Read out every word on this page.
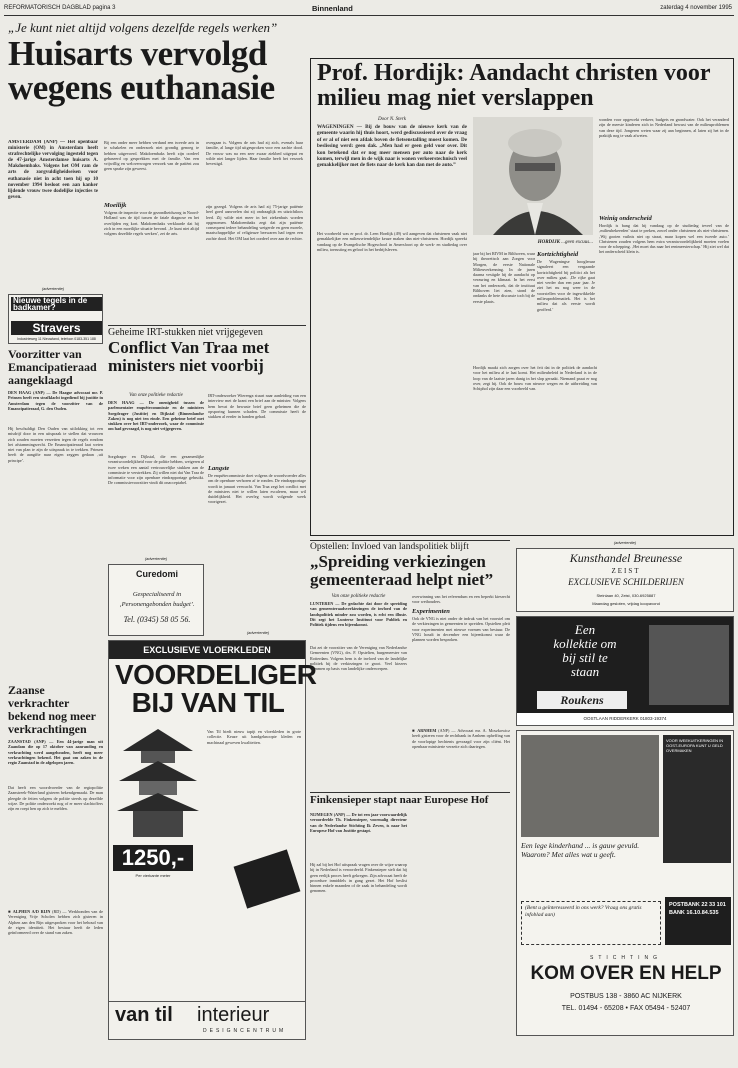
REFORMATORISCH DAGBLAD pagina 3	Binnenland	zaterdag 4 november 1995
„Je kunt niet altijd volgens dezelfde regels werken”
Huisarts vervolgd wegens euthanasie
AMSTERDAM (ANP) — Het openbaar ministerie (OM) in Amsterdam heeft strafrechtelijke vervolging ingesteld tegen de 47-jarige Amsterdamse huisarts A. Makdoembaks. Volgens het OM ram de arts de zorgvuldigheidseisen voor euthanasie niet in acht toen hij op 10 november 1994 besloot een aan kanker lijdende vrouw twee dodelijke injecties te geven.
Bij een onder meer hebben verdund een tweede arts in te schakelen en onderzoek niet grondig genoeg te hebben uitgevoerd. Makdoembaks heeft zijn oordeel gebaseerd op gesprekken met de familie. Van een vrijwillig en weloverwogen verzoek van de patiënt zou geen sprake zijn geweest.
Moeilijk
Volgens de inspectie voor de gezondheidszorg in Noord-Holland was de tijd tussen de fatale diagnose en het overlijden erg kort. Makdoembaks verklaarde dat hij zich in een moeilijke situatie bevond. ‚Je kunt niet altijd volgens dezelfde regels werken’, zei de arts.
overgaan is. Volgens de arts had zij zich, evenals haar familie, al lange tijd uitgesproken voor een zachte dood. De vrouw was na een zeer zwaar ziekbed uitgeput en wilde niet langer lijden. Haar familie heeft het verzoek bevestigd.
zijn gezegd. Volgens de arts had zij 75-jarige patiënte heel goed aanvoelen dat zij ondraaglijk en uitzichtloos leed. Zij wilde niet meer in het ziekenhuis worden opgenomen. Makdoembaks zegt dat zijn patiënte consequent iedere behandeling weigerde en geen morele, maatschappelijke of religieuze bezwaren had tegen een zachte dood. Het OM laat het oordeel over aan de rechter.
Prof. Hordijk: Aandacht christen voor milieu mag niet verslappen
Door N. Sterk
WAGENINGEN — Bij de bouw van de nieuwe kerk van de gemeente waarin hij thuis hoort, werd gediscussieerd over de vraag of er al of niet een afdak boven de fietsenstalling moest komen. De beslissing werd: geen dak. „Men had er geen geld voor over. Dit kon betekend dat er nog meer mensen per auto naar de kerk komen, terwijl men in de wijk naar is wonen verkeerstechnisch veel gemakkelijker met de fiets naar de kerk kan dan met de auto.”
HORDIJK ...geen excuus...
wonden voor opgewekt verkeer, budgets en grondwater. Ook het veranderd zijn de meeste kinderen zich in Nederland bewust van de milieuproblemen van deze tijd. Jongeren weten waar zij aan beginnen, al laten zij het in de praktijk nog te vaak afweten.
Weinig onderscheid
Hordijk is bang dat hij vandaag op de studiedag teveel van de ‚milieubekeerden’ staat te preken, zowel onder christenen als niet-christenen. ‚Wij gooien vuilnis niet op straat, maar kopen wel een tweede auto.’ Christenen zouden volgens hem extra verantwoordelijkheid moeten voelen voor de schepping. ‚Het moet dus naar het rentmeesterschap.’ Hij ziet wel dat het onderscheid klein is.
Het voorbeeld was er prof. dr. Leen Hordijk (49) wil aangeven dat christenen vaak niet gemakkelijker een milieuvriendelijke keuze maken dan niet-christenen. Hordijk spreekt vandaag op de Evangelische Hogeschool in Amersfoort op de werk- en studiedag over milieu, toerusting en geloof in het bedrijfsleven.
jaar bij het RIVM in Bilthoven, waar hij theoretisch aan Zorgen voor Morgen, de eerste Nationale Milieuverkenning. In de jaren daarna vestigde hij de aandacht op verzuring en klimaat. In het eerst van het onderzoek, dat de instituut Bilthoven liet zien, stond de ondanks de hete discussie toch bij de eerste plaats.
Kortzichtigheid
De Wageningse hoogleraar signaleert een vergaande kortzichtigheid bij politici als het over milieu gaat. ‚De rijke gaat niet verder dan een paar jaar. Je ziet het nu nog weer in de voorstellen voor de ingewikkelde milieuproblematiek. Het is het milieu dat als eerste wordt geofferd.’
Hordijk maakt zich zorgen over het feit dat in de politiek de aandacht voor het milieu al te laat komt. Het milieubeleid in Nederland is in de loop van de laatste jaren danig in het slop geraakt. Niemand praat er nog over, zegt hij. Ook de bouw van nieuwe wegen en de uitbreiding van Schiphol zijn daar een voorbeeld van.
(advertentie)
Nieuwe tegels in de badkamer?
Stravers
Industrieweg 11 Nieuwland, telefoon 0183-351 188
Voorzitter van Emancipatieraad aangeklaagd
DEN HAAG (ANP) — De Haagse advocaat mr. P. Prinsen heeft een strafklacht ingediend bij justitie in Amsterdam tegen de voorzitter van de Emancipatieraad, G. den Ouden.
Hij beschuldigt Den Ouden van uitlokking tot een misdrijf door in een uitspraak te stellen dat vrouwen zich zouden moeten verzetten tegen de regels rondom het afstammingsrecht. De Emancipatieraad laat weten niet van plan te zijn de uitspraak in te trekken. Prinsen heeft de aangifte naar eigen zeggen gedaan ‚uit principe’.
Zaanse verkrachter bekend nog meer verkrachtingen
ZAANSTAD (ANP) — Een 44-jarige man uit Zaandam die op 17 oktober van aanranding en verkrachting werd aangehouden, heeft nog meer verkrachtingen bekend. Het gaat om zaken in de regio Zaanstad in de afgelopen jaren.
Dat heeft een woordvoerder van de regiopolitie Zaanstreek-Waterland gisteren bekendgemaakt. De man pleegde de feiten volgens de politie steeds op dezelfde wijze. De politie onderzoekt nog of er meer slachtoffers zijn en roept hen op zich te melden.
■ ALPHEN A/D RIJN (RD) — Werkbonden van de Vereniging Vrije Scholen hebben zich gisteren in Alphen aan den Rijn uitgesproken voor het behoud van de eigen identiteit. Het bestuur heeft de leden geïnformeerd over de stand van zaken.
Geheime IRT-stukken niet vrijgegeven
Conflict Van Traa met ministers niet voorbij
Van onze politieke redactie
DEN HAAG — De onenigheid tussen de parlementaire enquêtecommissie en de ministers Sorgdrager (Justitie) en Dijkstal (Binnenlandse Zaken) is nog niet ten einde. Een geheime brief met stukken over het IRT-onderzoek, waar de commissie om had gevraagd, is nog niet vrijgegeven.
Sorgdrager en Dijkstal, die een gezamenlijke verantwoordelijkheid voor de politie hebben, weigeren al twee weken een aantal vertrouwelijke stukken aan de commissie te verstrekken. Zij willen niet dat Van Traa de informatie voor zijn openbare eindrapportage gebruikt. De commissievoorzitter vindt dit onacceptabel.
IRT-onderzoeker Wierenga stuurt naar aanleiding van een interview met de krant een brief aan de minister. Volgens hem bevat de bewuste brief geen geheimen die de opsporing kunnen schaden. De commissie heeft de stukken al eerder in handen gehad.
Langste
De enquêtecommissie doet volgens de woordvoerder alles om de openbare verhoren af te ronden. De eindrapportage wordt in januari verwacht. Van Traa zegt het conflict met de ministers niet te willen laten escaleren, maar wil duidelijkheid. Het overleg wordt volgende week voortgezet.
(advertentie)
Curedomi
Gespecialiseerd in
‚Personengebonden budget’.
Tel. (0345) 58 05 56.
(advertentie)
EXCLUSIEVE VLOERKLEDEN
VOORDELIGER BIJ VAN TIL
Van Til biedt nieuw tapijt en vloerkleden in grote collectie. Keuze uit handgeknoopte kleden en machinaal geweven kwaliteiten.
1250,-
Per vierkante meter
van til interieur
DESIGNCENTRUM
Opstellen: Invloed van landspolitiek blijft
„Spreiding verkiezingen gemeenteraad helpt niet”
Van onze politieke redactie
LUNTEREN — De gedachte dat door de spreiding van gemeenteraadsverkiezingen de invloed van de landspolitiek minder zou worden, is echt een illusie. Dit zegt het Lunterse Instituut voor Publiek en Politiek tijdens een bijeenkomst.
Dat zei de voorzitter van de Vereniging van Nederlandse Gemeenten (VNG), drs. F. Opstelten, burgemeester van Rotterdam. Volgens hem is de invloed van de landelijke politiek bij de verkiezingen te groot. Veel kiezers stemmen op basis van landelijke onderwerpen.
overwinning van het referendum en een beperkt kiesrecht voor wethouders.
Experimenten
Ook de VNG is niet onder de indruk van het voorstel om de verkiezingen in gemeenten te spreiden. Opstelten pleit voor experimenten met nieuwe vormen van bestuur. De VNG houdt in december een bijeenkomst waar de plannen worden besproken.
■ ARNHEM (ANP) — Advocaat mr. A. Moszkowicz heeft gisteren voor de rechtbank in Arnhem opheffing van de voorlopige hechtenis gevraagd voor zijn cliënt. Het openbaar ministerie verzette zich daartegen.
Finkensieper stapt naar Europese Hof
NIJMEGEN (ANP) — De tot een jaar voorwaardelijk veroordeelde Th. Finkensieper, voormalig directeur van de Nederlandse Stichting Ik Zeven, is naar het Europese Hof van Justitie gestapt.
Hij zal bij het Hof uitspraak vragen over de wijze waarop hij in Nederland is veroordeeld. Finkensieper stelt dat hij geen eerlijk proces heeft gekregen. Zijn advocaat heeft de procedure inmiddels in gang gezet. Het Hof beslist binnen enkele maanden of de zaak in behandeling wordt genomen.
(advertentie)
Kunsthandel Breunesse
ZEIST
EXCLUSIEVE SCHILDERIJEN
Steinlaan 40, Zeist, 030-6925887
Maandag gesloten, vrijdag koopavond
Een
kollektie om
bij stil te
staan
Roukens
OOSTLAAN RIDDERKERK 01803-19374
VOOR WEEKUITKERINGEN IN OOST-EUROPA KUNT U GELD OVERMAKEN
Een lege kinderhand ... is gauw gevuld. Waarom? Met alles wat u geeft.
(Bent u geïnteresseerd in ons werk? Vraag ons gratis infoblad aan)
POSTBANK 22 33 101
BANK 16.10.84.535
STICHTING
KOM OVER EN HELP
POSTBUS 138 - 3860 AC NIJKERK
TEL. 01494 - 65208 • FAX 05494 - 52407
